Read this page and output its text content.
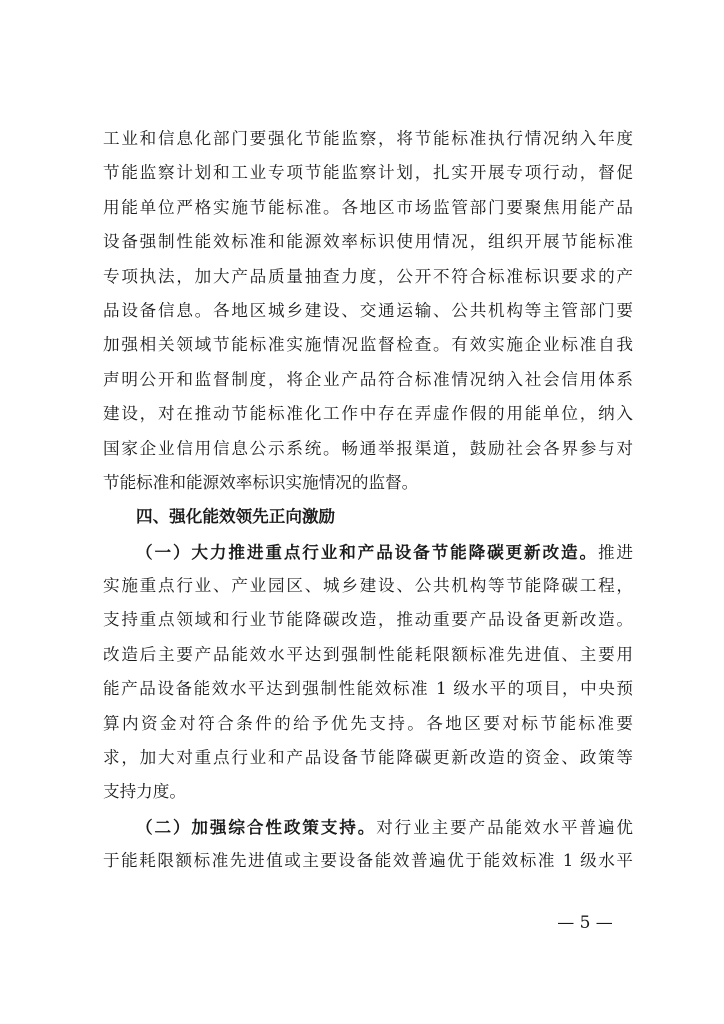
工业和信息化部门要强化节能监察，将节能标准执行情况纳入年度
节能监察计划和工业专项节能监察计划，扎实开展专项行动，督促
用能单位严格实施节能标准。各地区市场监管部门要聚焦用能产品
设备强制性能效标准和能源效率标识使用情况，组织开展节能标准
专项执法，加大产品质量抽查力度，公开不符合标准标识要求的产
品设备信息。各地区城乡建设、交通运输、公共机构等主管部门要
加强相关领域节能标准实施情况监督检查。有效实施企业标准自我
声明公开和监督制度，将企业产品符合标准情况纳入社会信用体系
建设，对在推动节能标准化工作中存在弄虚作假的用能单位，纳入
国家企业信用信息公示系统。畅通举报渠道，鼓励社会各界参与对
节能标准和能源效率标识实施情况的监督。
四、强化能效领先正向激励
（一）大力推进重点行业和产品设备节能降碳更新改造。推进
实施重点行业、产业园区、城乡建设、公共机构等节能降碳工程，
支持重点领域和行业节能降碳改造，推动重要产品设备更新改造。
改造后主要产品能效水平达到强制性能耗限额标准先进值、主要用
能产品设备能效水平达到强制性能效标准 1 级水平的项目，中央预
算内资金对符合条件的给予优先支持。各地区要对标节能标准要
求，加大对重点行业和产品设备节能降碳更新改造的资金、政策等
支持力度。
（二）加强综合性政策支持。对行业主要产品能效水平普遍优
于能耗限额标准先进值或主要设备能效普遍优于能效标准 1 级水平
— 5 —
